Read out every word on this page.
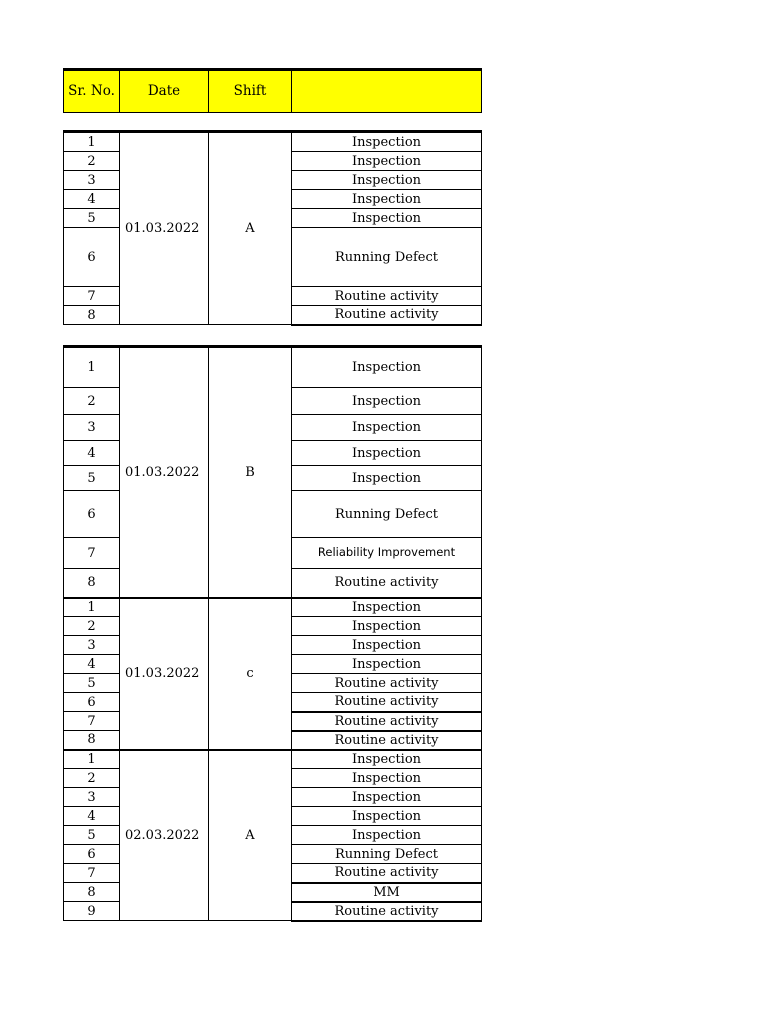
Sr. No.	Date	Shift	
1	01.03.2022	A	Inspection
2			Inspection
3			Inspection
4			Inspection
5			Inspection
6			Running Defect
7			Routine activity
8			Routine activity
1	01.03.2022	B	Inspection
2			Inspection
3			Inspection
4			Inspection
5			Inspection
6			Running Defect
7			Reliability Improvement
8			Routine activity
1	01.03.2022	c	Inspection
2			Inspection
3			Inspection
4			Inspection
5			Routine activity
6			Routine activity
7			Routine activity
8			Routine activity
1	02.03.2022	A	Inspection
2			Inspection
3			Inspection
4			Inspection
5			Inspection
6			Running Defect
7			Routine activity
8			MM
9			Routine activity
